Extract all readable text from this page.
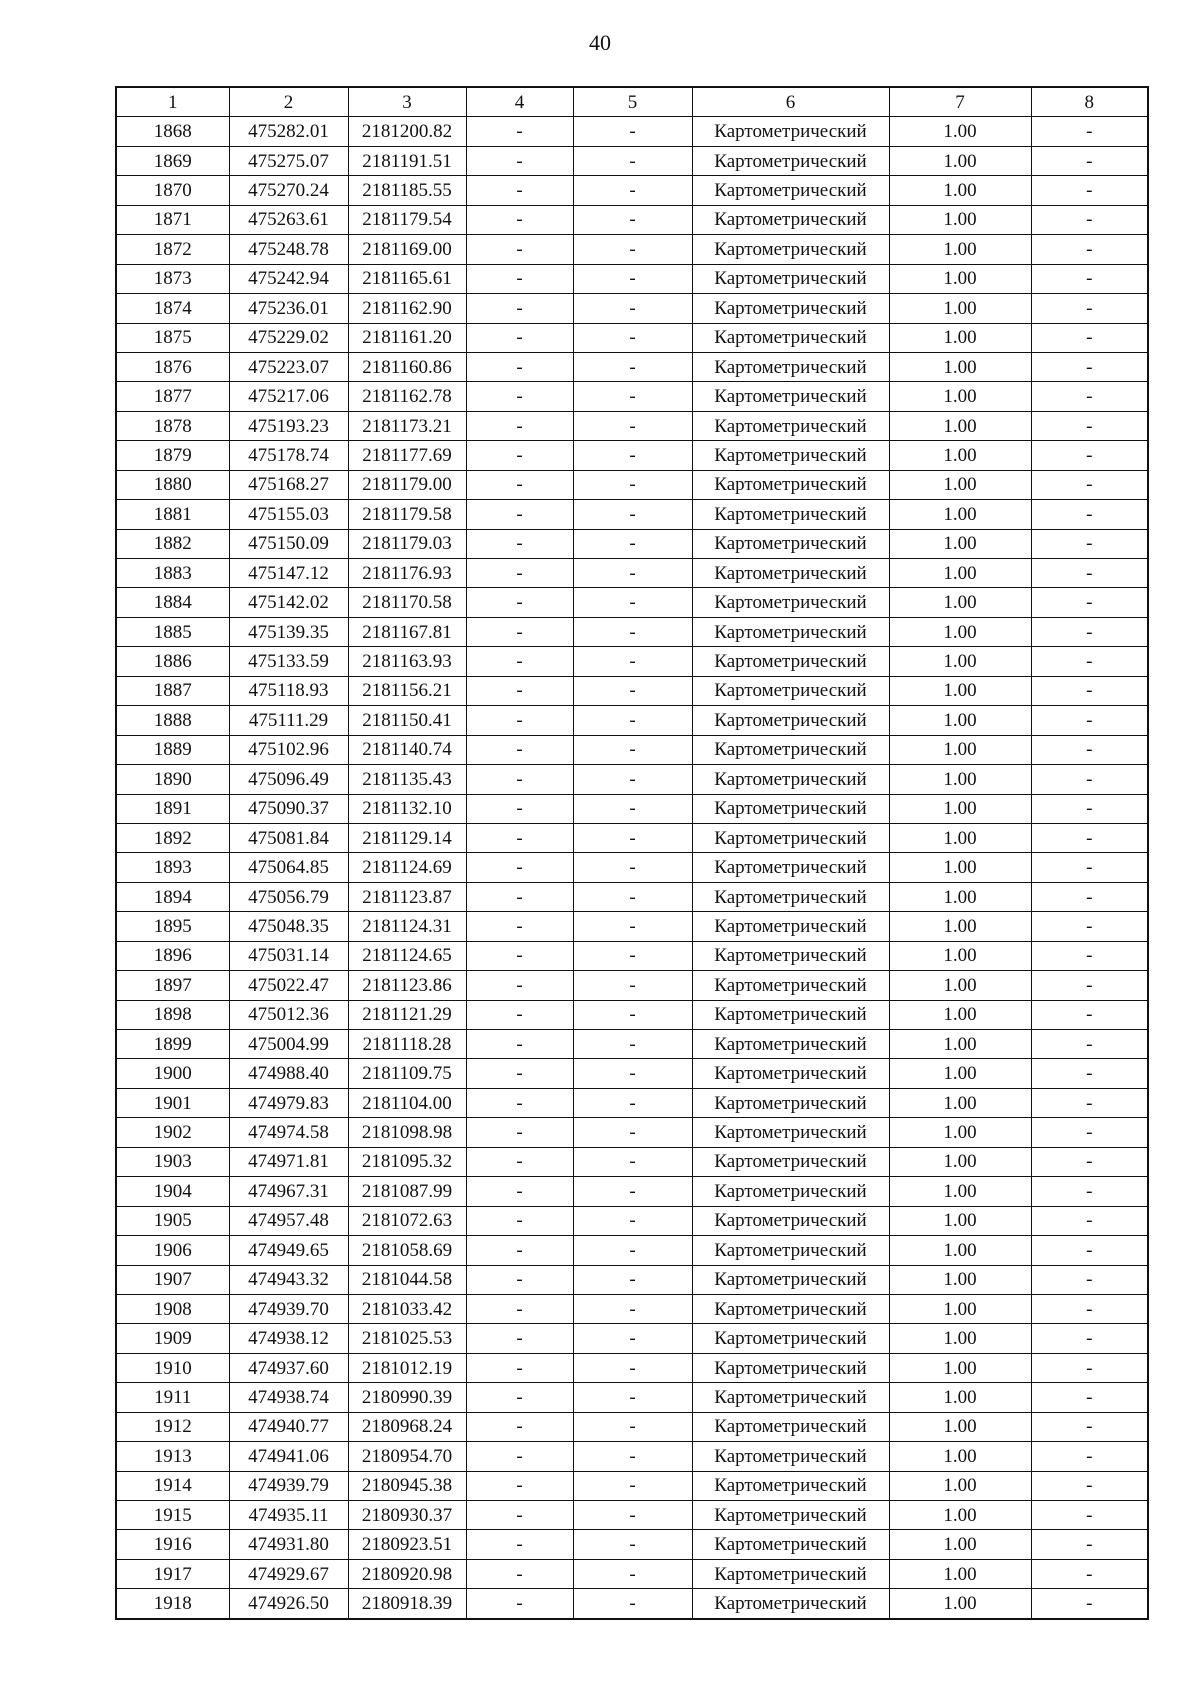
40
1	2	3	4	5	6	7	8
1868	475282.01	2181200.82	-	-	Картометрический	1.00	-
1869	475275.07	2181191.51	-	-	Картометрический	1.00	-
1870	475270.24	2181185.55	-	-	Картометрический	1.00	-
1871	475263.61	2181179.54	-	-	Картометрический	1.00	-
1872	475248.78	2181169.00	-	-	Картометрический	1.00	-
1873	475242.94	2181165.61	-	-	Картометрический	1.00	-
1874	475236.01	2181162.90	-	-	Картометрический	1.00	-
1875	475229.02	2181161.20	-	-	Картометрический	1.00	-
1876	475223.07	2181160.86	-	-	Картометрический	1.00	-
1877	475217.06	2181162.78	-	-	Картометрический	1.00	-
1878	475193.23	2181173.21	-	-	Картометрический	1.00	-
1879	475178.74	2181177.69	-	-	Картометрический	1.00	-
1880	475168.27	2181179.00	-	-	Картометрический	1.00	-
1881	475155.03	2181179.58	-	-	Картометрический	1.00	-
1882	475150.09	2181179.03	-	-	Картометрический	1.00	-
1883	475147.12	2181176.93	-	-	Картометрический	1.00	-
1884	475142.02	2181170.58	-	-	Картометрический	1.00	-
1885	475139.35	2181167.81	-	-	Картометрический	1.00	-
1886	475133.59	2181163.93	-	-	Картометрический	1.00	-
1887	475118.93	2181156.21	-	-	Картометрический	1.00	-
1888	475111.29	2181150.41	-	-	Картометрический	1.00	-
1889	475102.96	2181140.74	-	-	Картометрический	1.00	-
1890	475096.49	2181135.43	-	-	Картометрический	1.00	-
1891	475090.37	2181132.10	-	-	Картометрический	1.00	-
1892	475081.84	2181129.14	-	-	Картометрический	1.00	-
1893	475064.85	2181124.69	-	-	Картометрический	1.00	-
1894	475056.79	2181123.87	-	-	Картометрический	1.00	-
1895	475048.35	2181124.31	-	-	Картометрический	1.00	-
1896	475031.14	2181124.65	-	-	Картометрический	1.00	-
1897	475022.47	2181123.86	-	-	Картометрический	1.00	-
1898	475012.36	2181121.29	-	-	Картометрический	1.00	-
1899	475004.99	2181118.28	-	-	Картометрический	1.00	-
1900	474988.40	2181109.75	-	-	Картометрический	1.00	-
1901	474979.83	2181104.00	-	-	Картометрический	1.00	-
1902	474974.58	2181098.98	-	-	Картометрический	1.00	-
1903	474971.81	2181095.32	-	-	Картометрический	1.00	-
1904	474967.31	2181087.99	-	-	Картометрический	1.00	-
1905	474957.48	2181072.63	-	-	Картометрический	1.00	-
1906	474949.65	2181058.69	-	-	Картометрический	1.00	-
1907	474943.32	2181044.58	-	-	Картометрический	1.00	-
1908	474939.70	2181033.42	-	-	Картометрический	1.00	-
1909	474938.12	2181025.53	-	-	Картометрический	1.00	-
1910	474937.60	2181012.19	-	-	Картометрический	1.00	-
1911	474938.74	2180990.39	-	-	Картометрический	1.00	-
1912	474940.77	2180968.24	-	-	Картометрический	1.00	-
1913	474941.06	2180954.70	-	-	Картометрический	1.00	-
1914	474939.79	2180945.38	-	-	Картометрический	1.00	-
1915	474935.11	2180930.37	-	-	Картометрический	1.00	-
1916	474931.80	2180923.51	-	-	Картометрический	1.00	-
1917	474929.67	2180920.98	-	-	Картометрический	1.00	-
1918	474926.50	2180918.39	-	-	Картометрический	1.00	-
